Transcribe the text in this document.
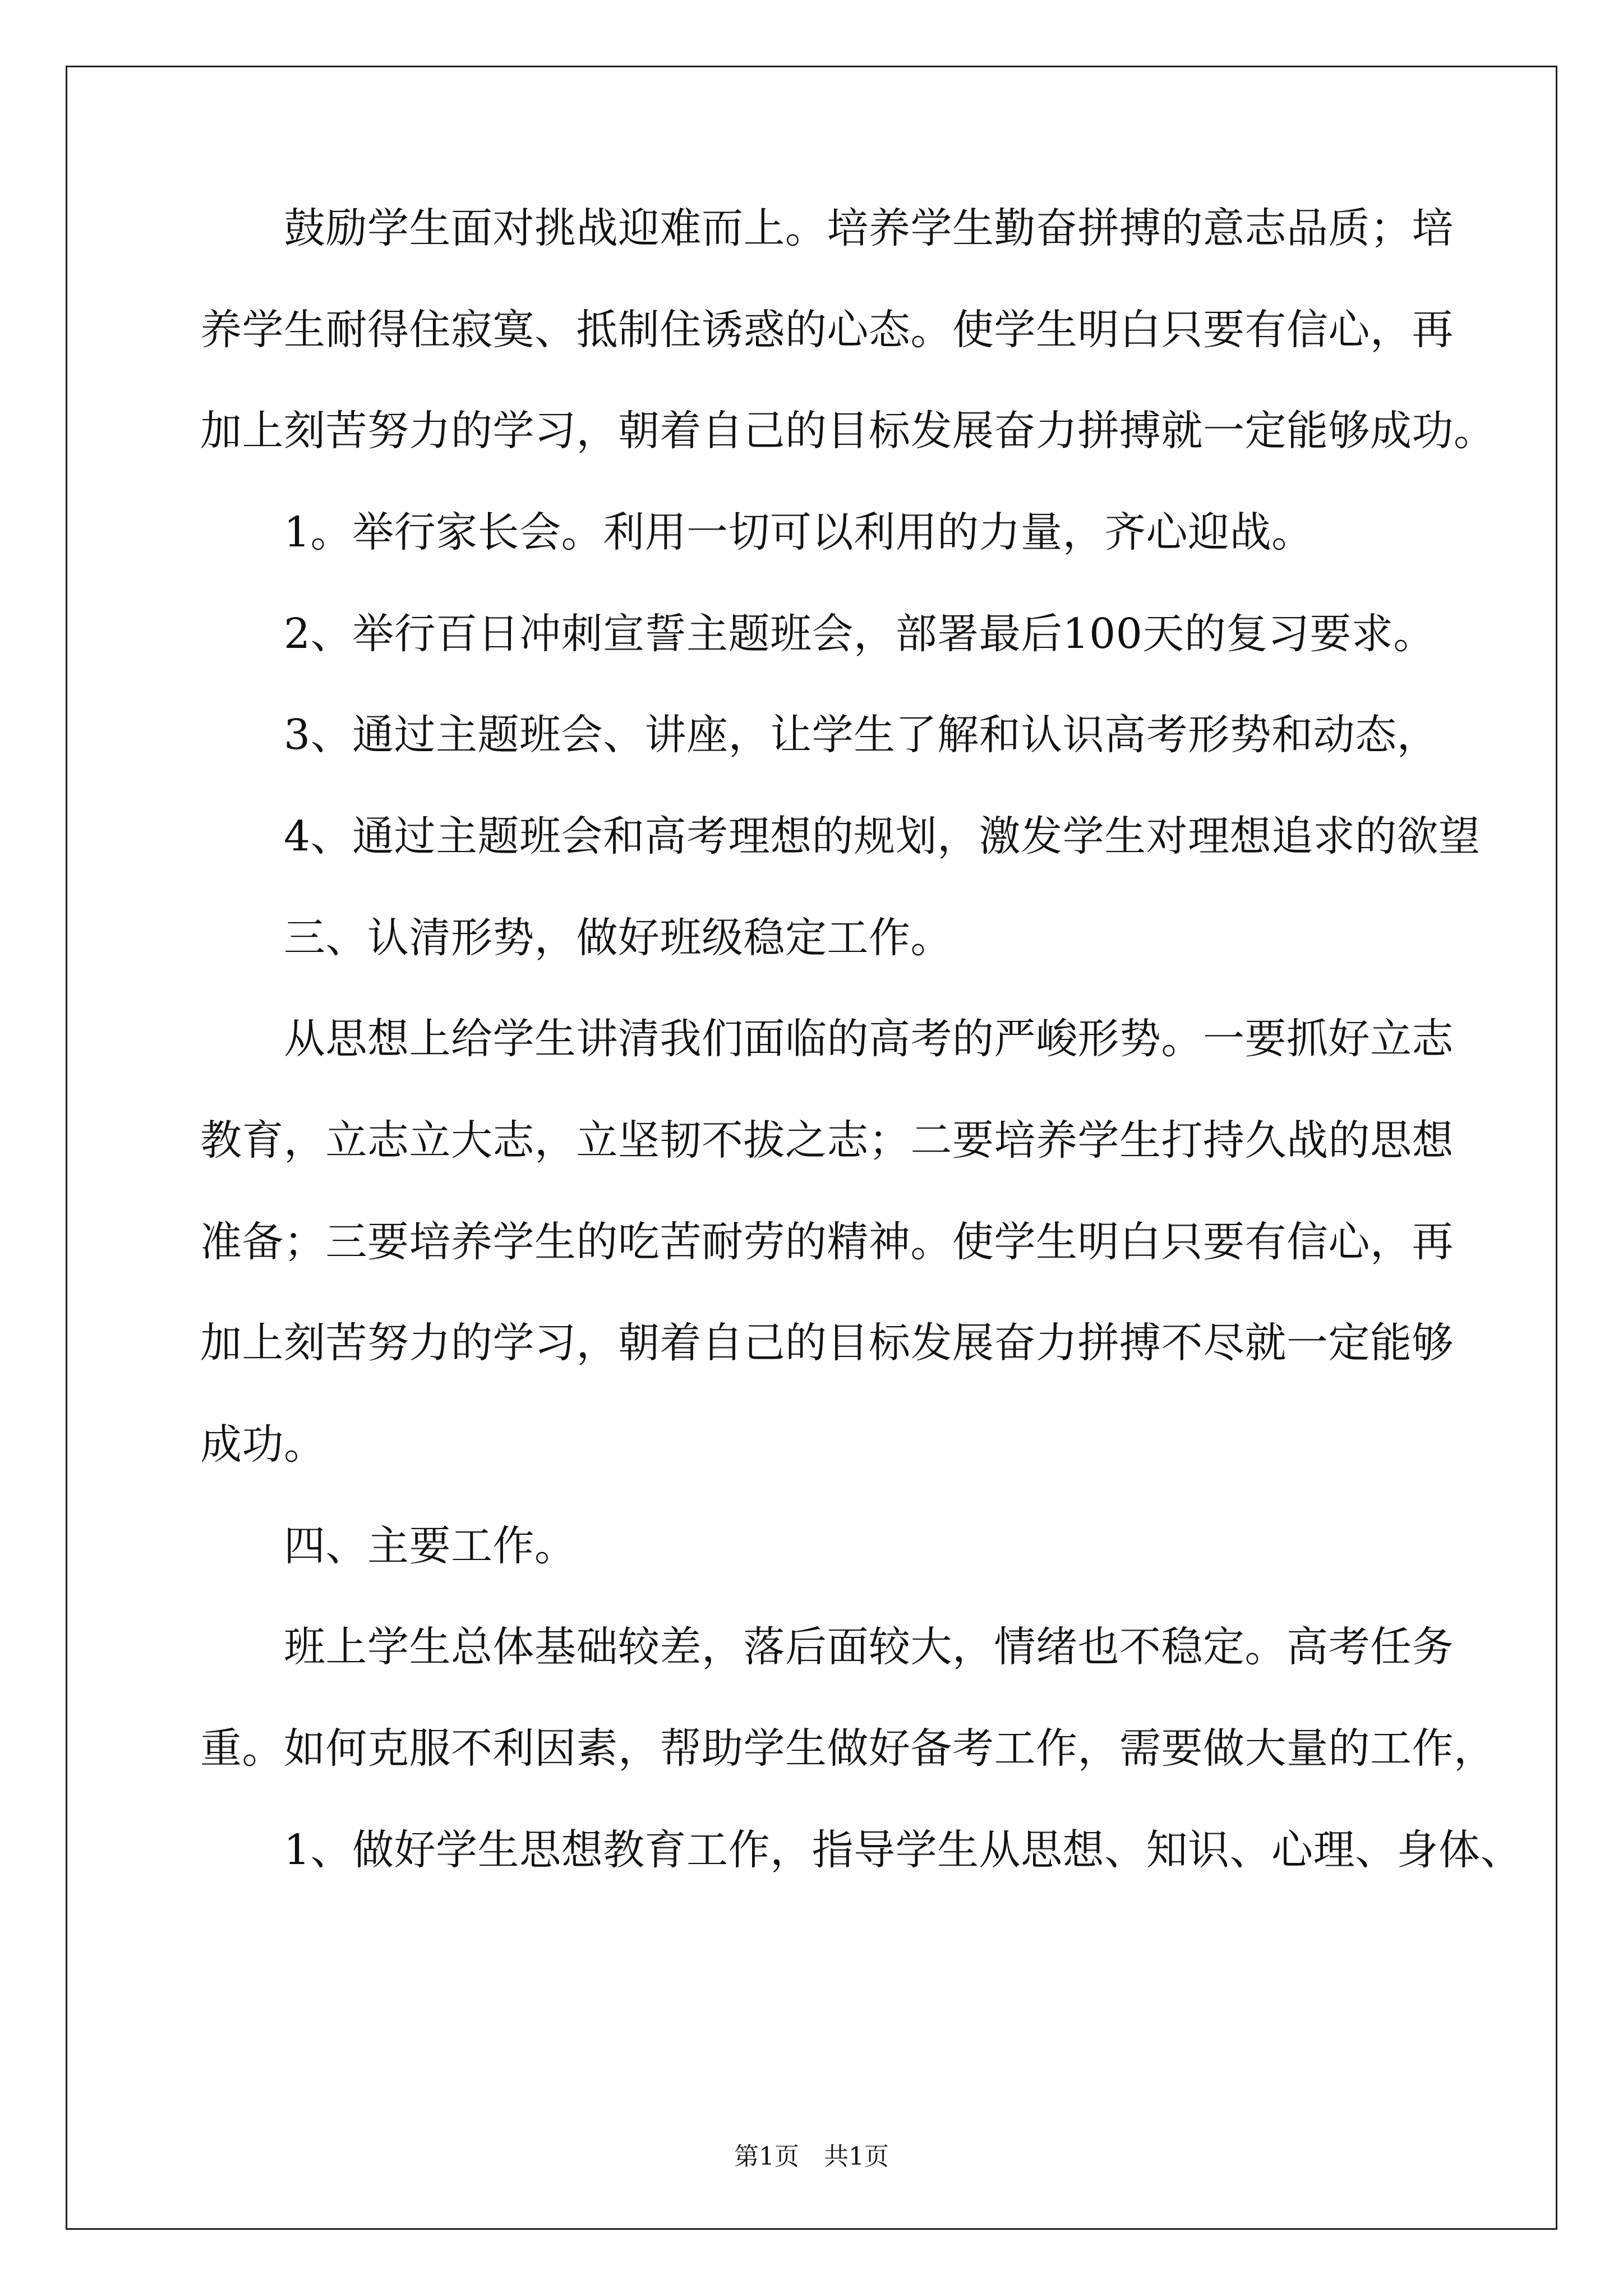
　　鼓励学生面对挑战迎难而上。培养学生勤奋拼搏的意志品质；培
养学生耐得住寂寞、抵制住诱惑的心态。使学生明白只要有信心，再
加上刻苦努力的学习，朝着自己的目标发展奋力拼搏就一定能够成功。
　　1。举行家长会。利用一切可以利用的力量，齐心迎战。
　　2、举行百日冲刺宣誓主题班会，部署最后100天的复习要求。
　　3、通过主题班会、讲座，让学生了解和认识高考形势和动态，
　　4、通过主题班会和高考理想的规划，激发学生对理想追求的欲望
　　三、认清形势，做好班级稳定工作。
　　从思想上给学生讲清我们面临的高考的严峻形势。一要抓好立志
教育，立志立大志，立坚韧不拔之志；二要培养学生打持久战的思想
准备；三要培养学生的吃苦耐劳的精神。使学生明白只要有信心，再
加上刻苦努力的学习，朝着自己的目标发展奋力拼搏不尽就一定能够
成功。
　　四、主要工作。
　　班上学生总体基础较差，落后面较大，情绪也不稳定。高考任务
重。如何克服不利因素，帮助学生做好备考工作，需要做大量的工作，
　　1、做好学生思想教育工作，指导学生从思想、知识、心理、身体、
第1页　共1页
